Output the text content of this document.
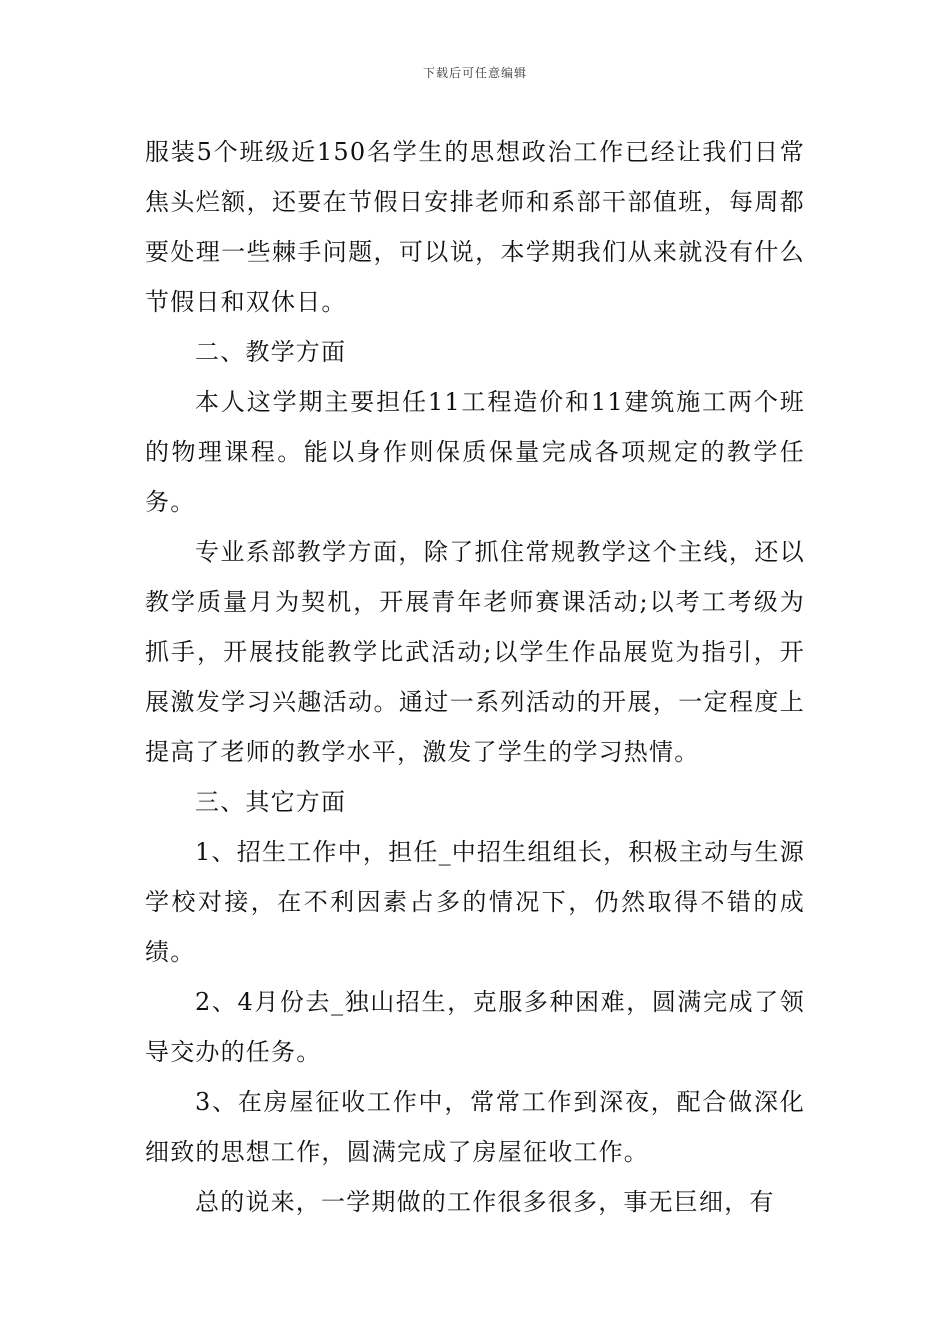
下载后可任意编辑

服装5个班级近150名学生的思想政治工作已经让我们日常焦头烂额，还要在节假日安排老师和系部干部值班，每周都要处理一些棘手问题，可以说，本学期我们从来就没有什么节假日和双休日。

二、教学方面

本人这学期主要担任11工程造价和11建筑施工两个班的物理课程。能以身作则保质保量完成各项规定的教学任务。

专业系部教学方面，除了抓住常规教学这个主线，还以教学质量月为契机，开展青年老师赛课活动;以考工考级为抓手，开展技能教学比武活动;以学生作品展览为指引，开展激发学习兴趣活动。通过一系列活动的开展，一定程度上提高了老师的教学水平，激发了学生的学习热情。

三、其它方面

1、招生工作中，担任_中招生组组长，积极主动与生源学校对接，在不利因素占多的情况下，仍然取得不错的成绩。

2、4月份去_独山招生，克服多种困难，圆满完成了领导交办的任务。

3、在房屋征收工作中，常常工作到深夜，配合做深化细致的思想工作，圆满完成了房屋征收工作。

总的说来，一学期做的工作很多很多，事无巨细，有
